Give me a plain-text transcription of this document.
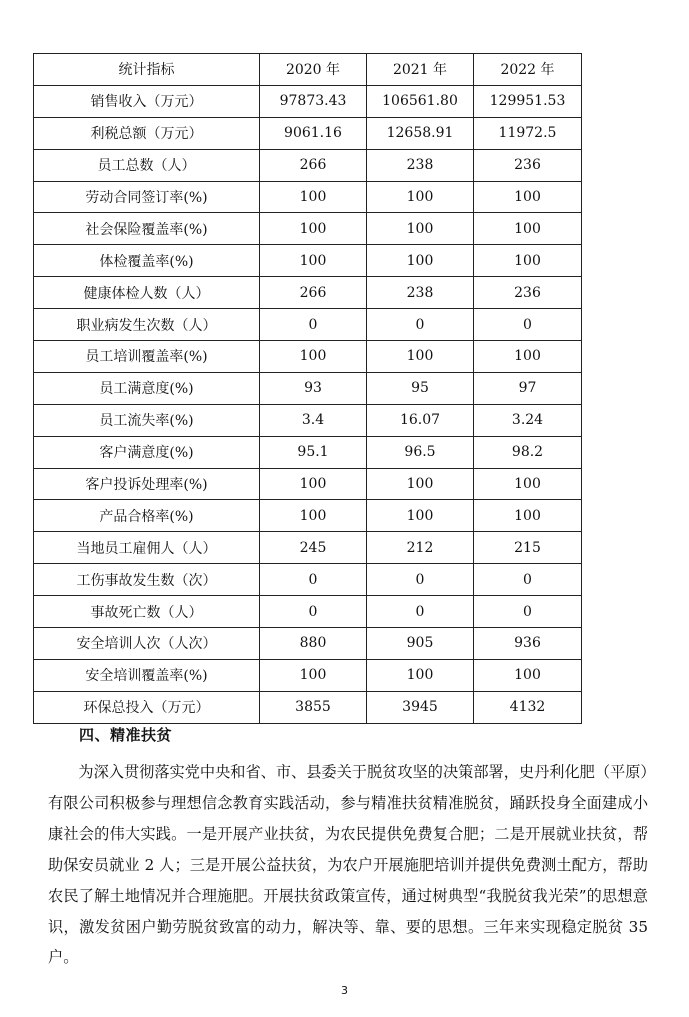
统计指标	2020 年	2021 年	2022 年
销售收入（万元）	97873.43	106561.80	129951.53
利税总额（万元）	9061.16	12658.91	11972.5
员工总数（人）	266	238	236
劳动合同签订率(%)	100	100	100
社会保险覆盖率(%)	100	100	100
体检覆盖率(%)	100	100	100
健康体检人数（人）	266	238	236
职业病发生次数（人）	0	0	0
员工培训覆盖率(%)	100	100	100
员工满意度(%)	93	95	97
员工流失率(%)	3.4	16.07	3.24
客户满意度(%)	95.1	96.5	98.2
客户投诉处理率(%)	100	100	100
产品合格率(%)	100	100	100
当地员工雇佣人（人）	245	212	215
工伤事故发生数（次）	0	0	0
事故死亡数（人）	0	0	0
安全培训人次（人次）	880	905	936
安全培训覆盖率(%)	100	100	100
环保总投入（万元）	3855	3945	4132
四、精准扶贫

为深入贯彻落实党中央和省、市、县委关于脱贫攻坚的决策部署，史丹利化肥（平原）有限公司积极参与理想信念教育实践活动，参与精准扶贫精准脱贫，踊跃投身全面建成小康社会的伟大实践。一是开展产业扶贫，为农民提供免费复合肥；二是开展就业扶贫，帮助保安员就业 2 人；三是开展公益扶贫，为农户开展施肥培训并提供免费测土配方，帮助农民了解土地情况并合理施肥。开展扶贫政策宣传，通过树典型“我脱贫我光荣”的思想意识，激发贫困户勤劳脱贫致富的动力，解决等、靠、要的思想。三年来实现稳定脱贫 35 户。

3
